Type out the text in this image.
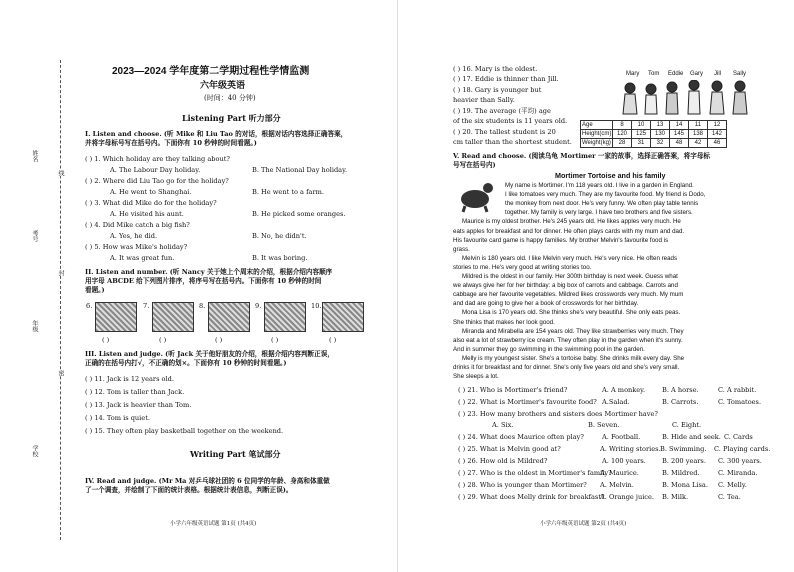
姓名
考号
年级
学校
线
封
密
2023—2024 学年度第二学期过程性学情监测
六年级英语
(时间：40 分钟)
Listening Part 听力部分
I. Listen and choose. (听 Mike 和 Liu Tao 的对话，根据对话内容选择正确答案，
并将字母标号写在括号内。下面你有 10 秒钟的时间看题。)
( ) 1. Which holiday are they talking about?
A. The Labour Day holiday.	B. The National Day holiday.
( ) 2. Where did Liu Tao go for the holiday?
A. He went to Shanghai.	B. He went to a farm.
( ) 3. What did Mike do for the holiday?
A. He visited his aunt.	B. He picked some oranges.
( ) 4. Did Mike catch a big fish?
A. Yes, he did.	B. No, he didn't.
( ) 5. How was Mike's holiday?
A. It was great fun.	B. It was boring.
II. Listen and number. (听 Nancy 关于她上个周末的介绍，根据介绍内容顺序
用字母 ABCDE 给下列图片排序，将序号写在括号内。下面你有 10 秒钟的时间
看题。)
6.	7.	8.	9.	10.
( )	( )	( )	( )	( )
III. Listen and judge. (听 Jack 关于他好朋友的介绍，根据介绍内容判断正误，
正确的在括号内打√，不正确的划×。下面你有 10 秒钟的时间看题。)
( ) 11. Jack is 12 years old.
( ) 12. Tom is taller than Jack.
( ) 13. Jack is heavier than Tom.
( ) 14. Tom is quiet.
( ) 15. They often play basketball together on the weekend.
Writing Part 笔试部分
IV. Read and judge. (Mr Ma 对乒乓球社团的 6 位同学的年龄、身高和体重做
了一个调查，并绘制了下面的统计表格。根据统计表信息，判断正误)。
小学六年级英语试题 第1页 (共4页)
( ) 16. Mary is the oldest.
( ) 17. Eddie is thinner than Jill.
( ) 18. Gary is younger but
heavier than Sally.
( ) 19. The average (平均) age
of the six students is 11 years old.
( ) 20. The tallest student is 20
cm taller than the shortest student.
Mary Tom Eddie Gary Jill Sally
Age	8	10	13	14	11	12
Height(cm)	120	125	130	145	138	142
Weight(kg)	28	31	32	48	42	46
V. Read and choose. (阅读乌龟 Mortimer 一家的故事，选择正确答案，将字母标
号写在括号内)
Mortimer Tortoise and his family
My name is Mortimer. I'm 118 years old. I live in a garden in England.
I like tomatoes very much. They are my favourite food. My friend is Dodo,
the monkey from next door. He's very funny. We often play table tennis
together. My family is very large. I have two brothers and five sisters.
Maurice is my oldest brother. He's 245 years old. He likes apples very much. He
eats apples for breakfast and for dinner. He often plays cards with my mum and dad.
His favourite card game is happy families. My brother Melvin's favourite food is
grass.
Melvin is 180 years old. I like Melvin very much. He's very nice. He often reads
stories to me. He's very good at writing stories too.
Mildred is the oldest in our family. Her 300th birthday is next week. Guess what
we always give her for her birthday: a big box of carrots and cabbage. Carrots and
cabbage are her favourite vegetables. Mildred likes crosswords very much. My mum
and dad are going to give her a book of crosswords for her birthday.
Mona Lisa is 170 years old. She thinks she's very beautiful. She only eats peas.
She thinks that makes her look good.
Miranda and Mirabella are 154 years old. They like strawberries very much. They
also eat a lot of strawberry ice cream. They often play in the garden when it's sunny.
And in summer they go swimming in the swimming pool in the garden.
Melly is my youngest sister. She's a tortoise baby. She drinks milk every day. She
drinks it for breakfast and for dinner. She's only five years old and she's very small.
She sleeps a lot.
( ) 21. Who is Mortimer's friend?	A. A monkey.	B. A horse.	C. A rabbit.
( ) 22. What is Mortimer's favourite food? A.Salad.	B. Carrots.	C. Tomatoes.
( ) 23. How many brothers and sisters does Mortimer have?
A. Six.	B. Seven.	C. Eight.
( ) 24. What does Maurice often play?	A. Football.	B. Hide and seek. C. Cards
( ) 25. What is Melvin good at?	A. Writing stories. B. Swimming. C. Playing cards.
( ) 26. How old is Mildred?	A. 100 years. B. 200 years. C. 300 years.
( ) 27. Who is the oldest in Mortimer's family?
A. Maurice.	B. Mildred.	C. Miranda.
( ) 28. Who is younger than Mortimer? A. Melvin.	B. Mona Lisa. C. Melly.
( ) 29. What does Melly drink for breakfast?
A. Orange juice. B. Milk.	C. Tea.
小学六年级英语试题 第2页 (共4页)
